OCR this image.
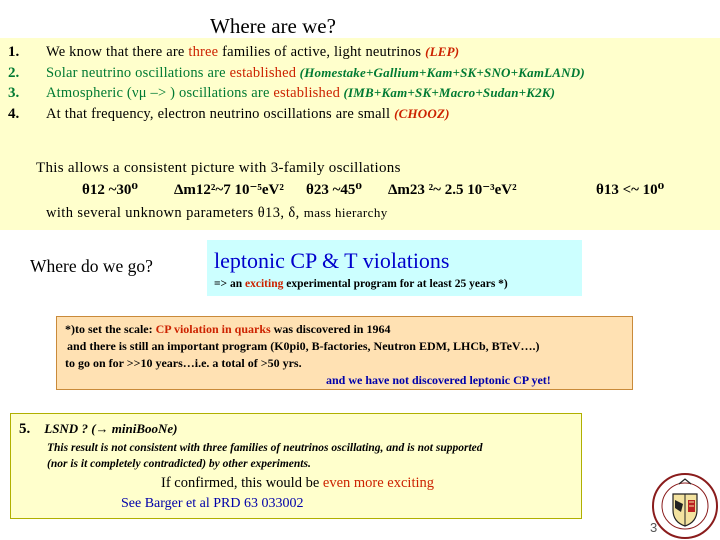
Where are we?
1.	We know that there are three families of active, light neutrinos (LEP)
2.	Solar neutrino oscillations are established (Homestake+Gallium+Kam+SK+SNO+KamLAND)
3.	Atmospheric (νμ –> ) oscillations are established (IMB+Kam+SK+Macro+Sudan+K2K)
4.	At that frequency, electron neutrino oscillations are small (CHOOZ)
This allows a consistent picture with 3-family oscillations
θ12 ~30⁰ Δm12²~7 10⁻⁵eV² θ23 ~45⁰ Δm23 ²~ 2.5 10⁻³eV²	θ13 <~ 10⁰
with several unknown parameters θ13, δ, mass hierarchy
Where do we go?	leptonic CP & T violations
=> an exciting experimental program for at least 25 years *)
*)to set the scale: CP violation in quarks was discovered in 1964
and there is still an important program (K0pi0, B-factories, Neutron EDM, LHCb, BTeV….)
to go on for >>10 years…i.e. a total of >50 yrs.
and we have not discovered leptonic CP yet!
5. LSND ? (→ miniBooNe)
This result is not consistent with three families of neutrinos oscillating, and is not supported
(nor is it completely contradicted) by other experiments.
If confirmed, this would be even more exciting
See Barger et al PRD 63 033002
3
